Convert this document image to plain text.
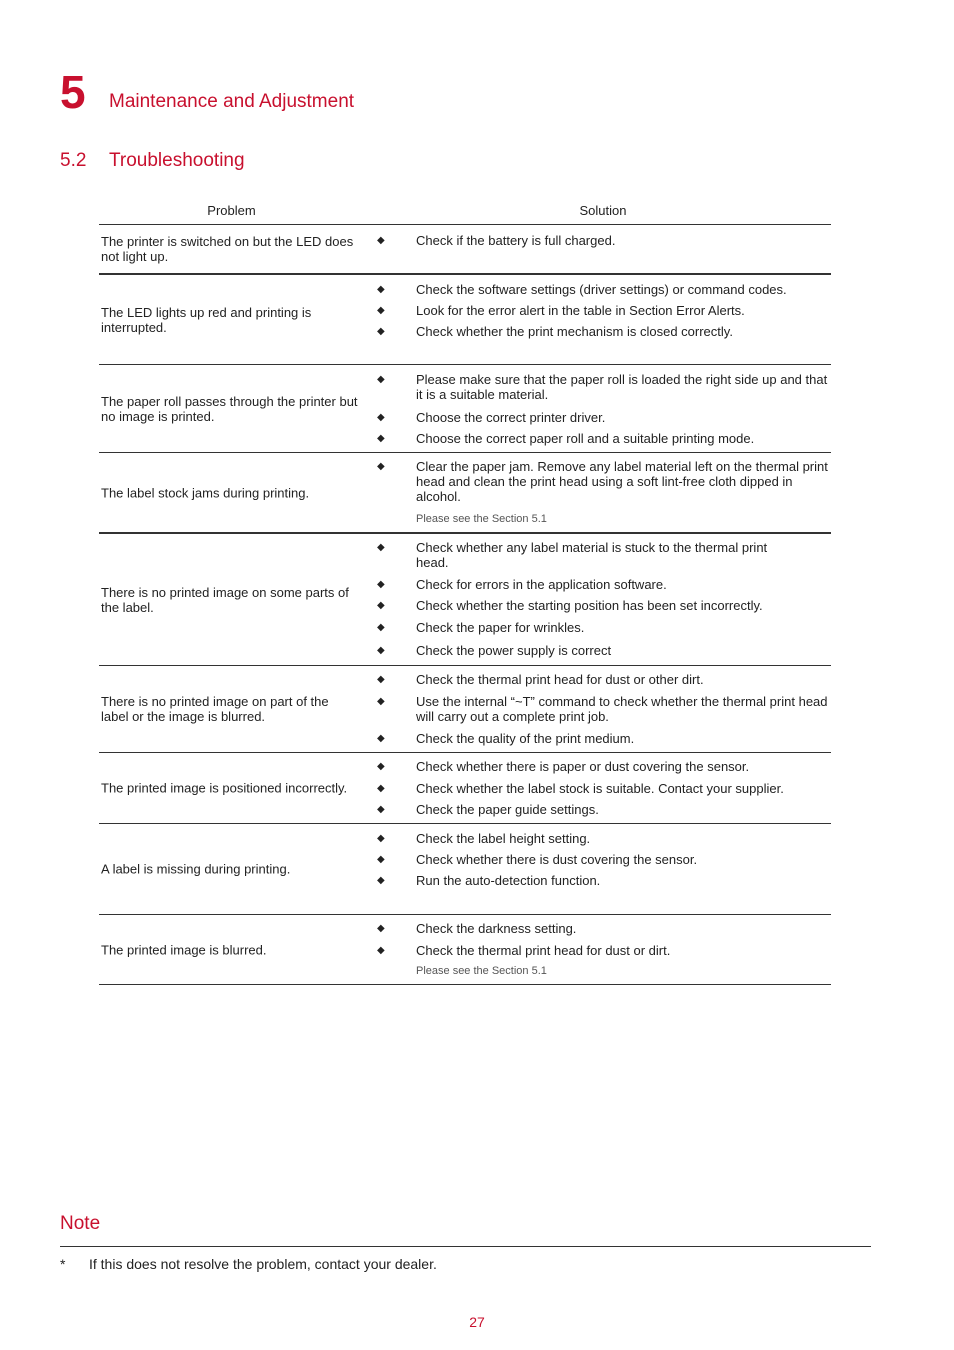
5 Maintenance and Adjustment
5.2 Troubleshooting
Problem	Solution
The printer is switched on but the LED does not light up.
◆ Check if the battery is full charged.
The LED lights up red and printing is interrupted.
◆ Check the software settings (driver settings) or command codes.
◆ Look for the error alert in the table in Section Error Alerts.
◆ Check whether the print mechanism is closed correctly.
The paper roll passes through the printer but no image is printed.
◆ Please make sure that the paper roll is loaded the right side up and that it is a suitable material.
◆ Choose the correct printer driver.
◆ Choose the correct paper roll and a suitable printing mode.
The label stock jams during printing.
◆ Clear the paper jam. Remove any label material left on the thermal print head and clean the print head using a soft lint-free cloth dipped in alcohol.
Please see the Section 5.1
There is no printed image on some parts of the label.
◆ Check whether any label material is stuck to the thermal print head.
◆ Check for errors in the application software.
◆ Check whether the starting position has been set incorrectly.
◆ Check the paper for wrinkles.
◆ Check the power supply is correct
There is no printed image on part of the label or the image is blurred.
◆ Check the thermal print head for dust or other dirt.
◆ Use the internal “~T” command to check whether the thermal print head will carry out a complete print job.
◆ Check the quality of the print medium.
The printed image is positioned incorrectly.
◆ Check whether there is paper or dust covering the sensor.
◆ Check whether the label stock is suitable. Contact your supplier.
◆ Check the paper guide settings.
A label is missing during printing.
◆ Check the label height setting.
◆ Check whether there is dust covering the sensor.
◆ Run the auto-detection function.
The printed image is blurred.
◆ Check the darkness setting.
◆ Check the thermal print head for dust or dirt.
Please see the Section 5.1
Note
* If this does not resolve the problem, contact your dealer.
27
